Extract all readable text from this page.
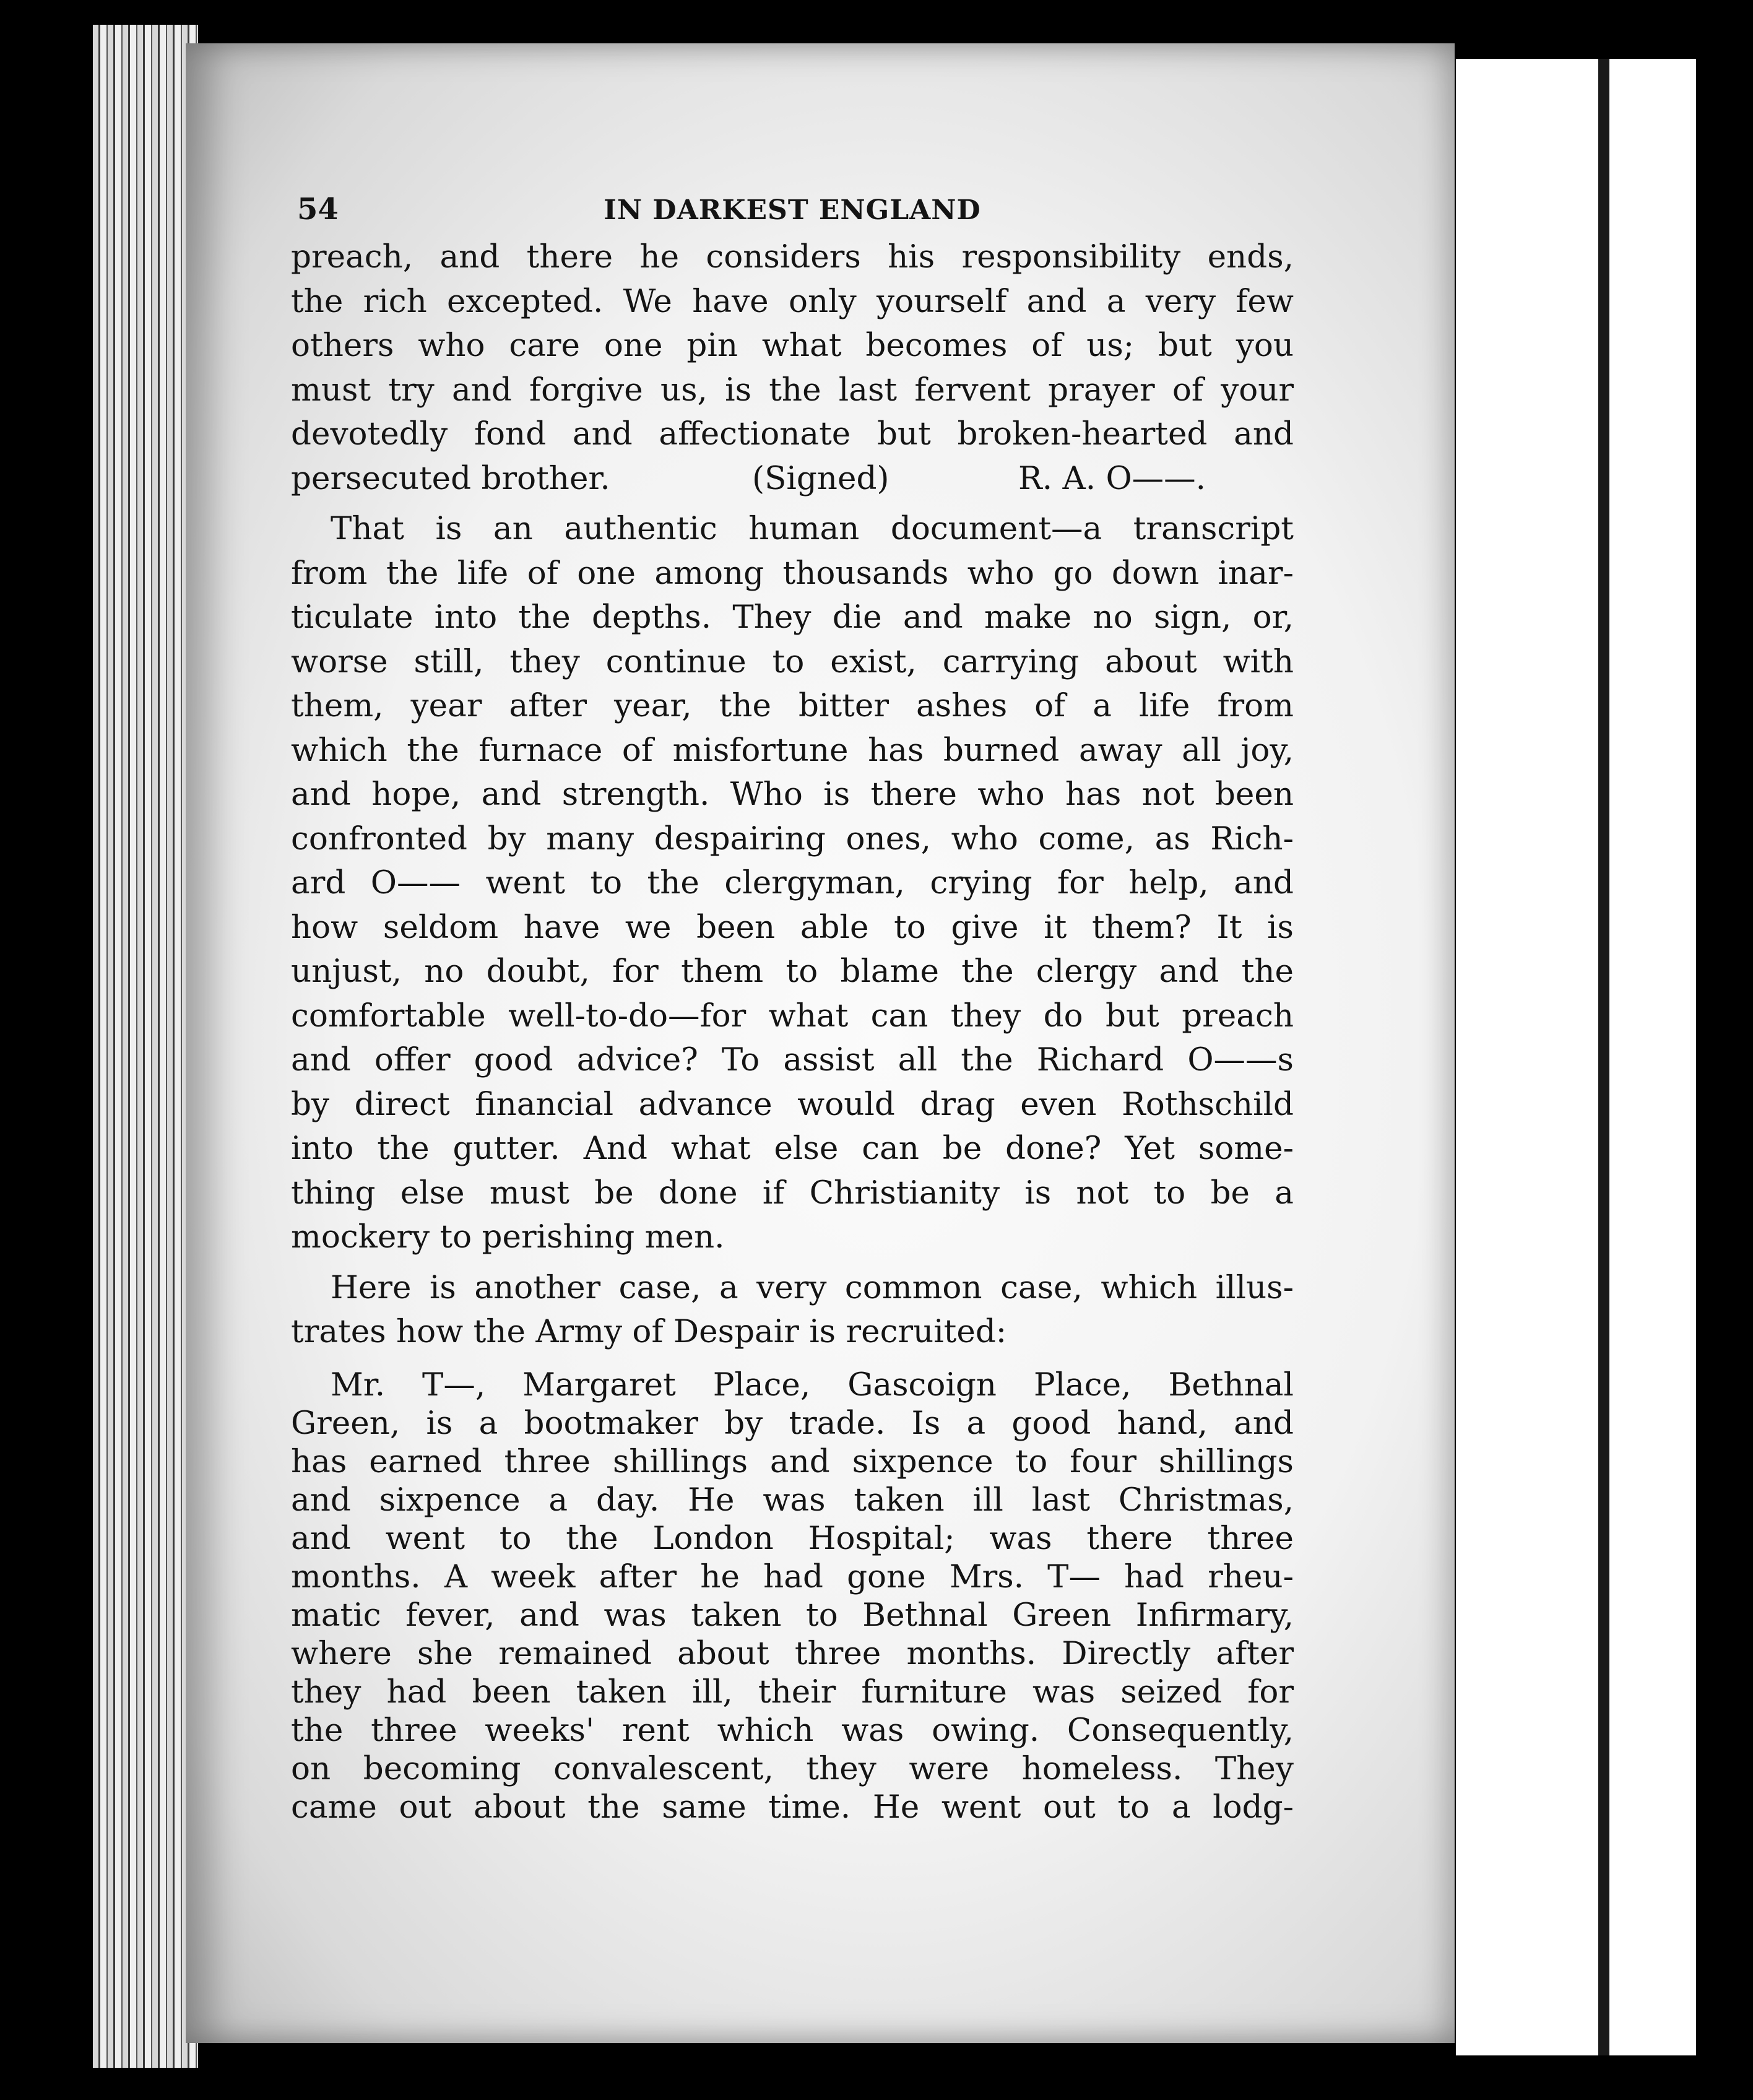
54	IN DARKEST ENGLAND
preach, and there he considers his responsibility ends,
the rich excepted. We have only yourself and a very few
others who care one pin what becomes of us; but you
must try and forgive us, is the last fervent prayer of your
devotedly fond and affectionate but broken-hearted and
persecuted brother.	(Signed)	R. A. O——.
That is an authentic human document—a transcript
from the life of one among thousands who go down inar-
ticulate into the depths. They die and make no sign, or,
worse still, they continue to exist, carrying about with
them, year after year, the bitter ashes of a life from
which the furnace of misfortune has burned away all joy,
and hope, and strength. Who is there who has not been
confronted by many despairing ones, who come, as Rich-
ard O—— went to the clergyman, crying for help, and
how seldom have we been able to give it them? It is
unjust, no doubt, for them to blame the clergy and the
comfortable well-to-do—for what can they do but preach
and offer good advice? To assist all the Richard O——s
by direct financial advance would drag even Rothschild
into the gutter. And what else can be done? Yet some-
thing else must be done if Christianity is not to be a
mockery to perishing men.
Here is another case, a very common case, which illus-
trates how the Army of Despair is recruited:
Mr. T—, Margaret Place, Gascoign Place, Bethnal
Green, is a bootmaker by trade. Is a good hand, and
has earned three shillings and sixpence to four shillings
and sixpence a day. He was taken ill last Christmas,
and went to the London Hospital; was there three
months. A week after he had gone Mrs. T— had rheu-
matic fever, and was taken to Bethnal Green Infirmary,
where she remained about three months. Directly after
they had been taken ill, their furniture was seized for
the three weeks' rent which was owing. Consequently,
on becoming convalescent, they were homeless. They
came out about the same time. He went out to a lodg-
